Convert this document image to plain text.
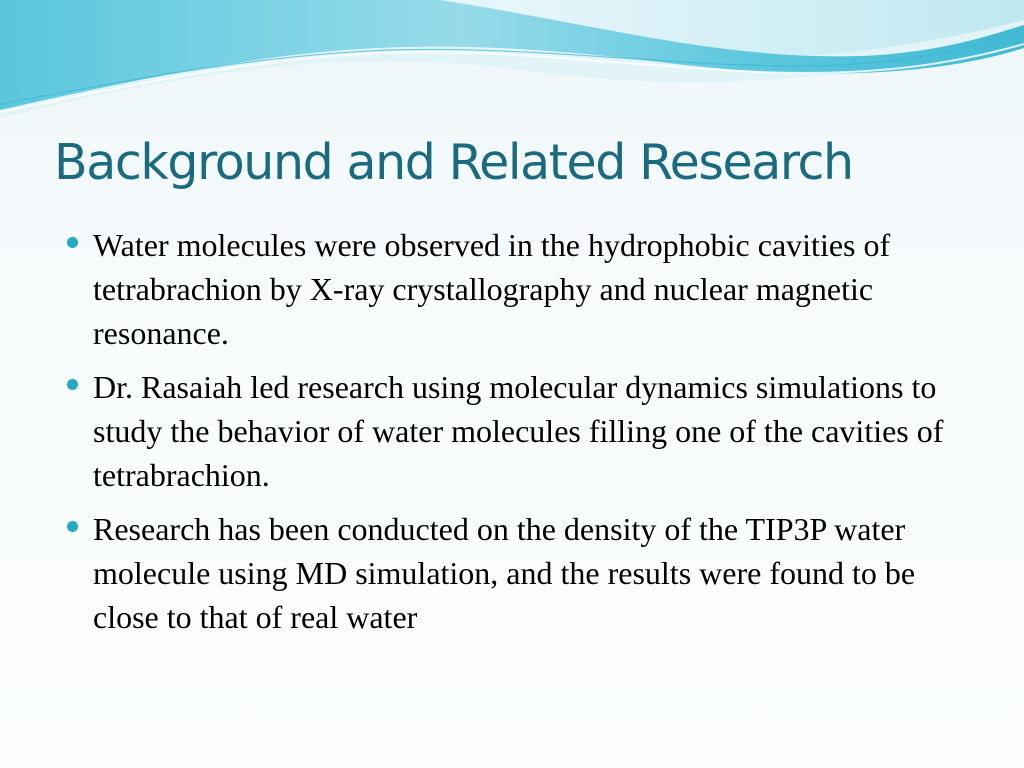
Background and Related Research
Water molecules were observed in the hydrophobic cavities of tetrabrachion by X-ray crystallography and nuclear magnetic resonance.
Dr. Rasaiah led research using molecular dynamics simulations to study the behavior of water molecules filling one of the cavities of tetrabrachion.
Research has been conducted on the density of the TIP3P water molecule using MD simulation, and the results were found to be close to that of real water
